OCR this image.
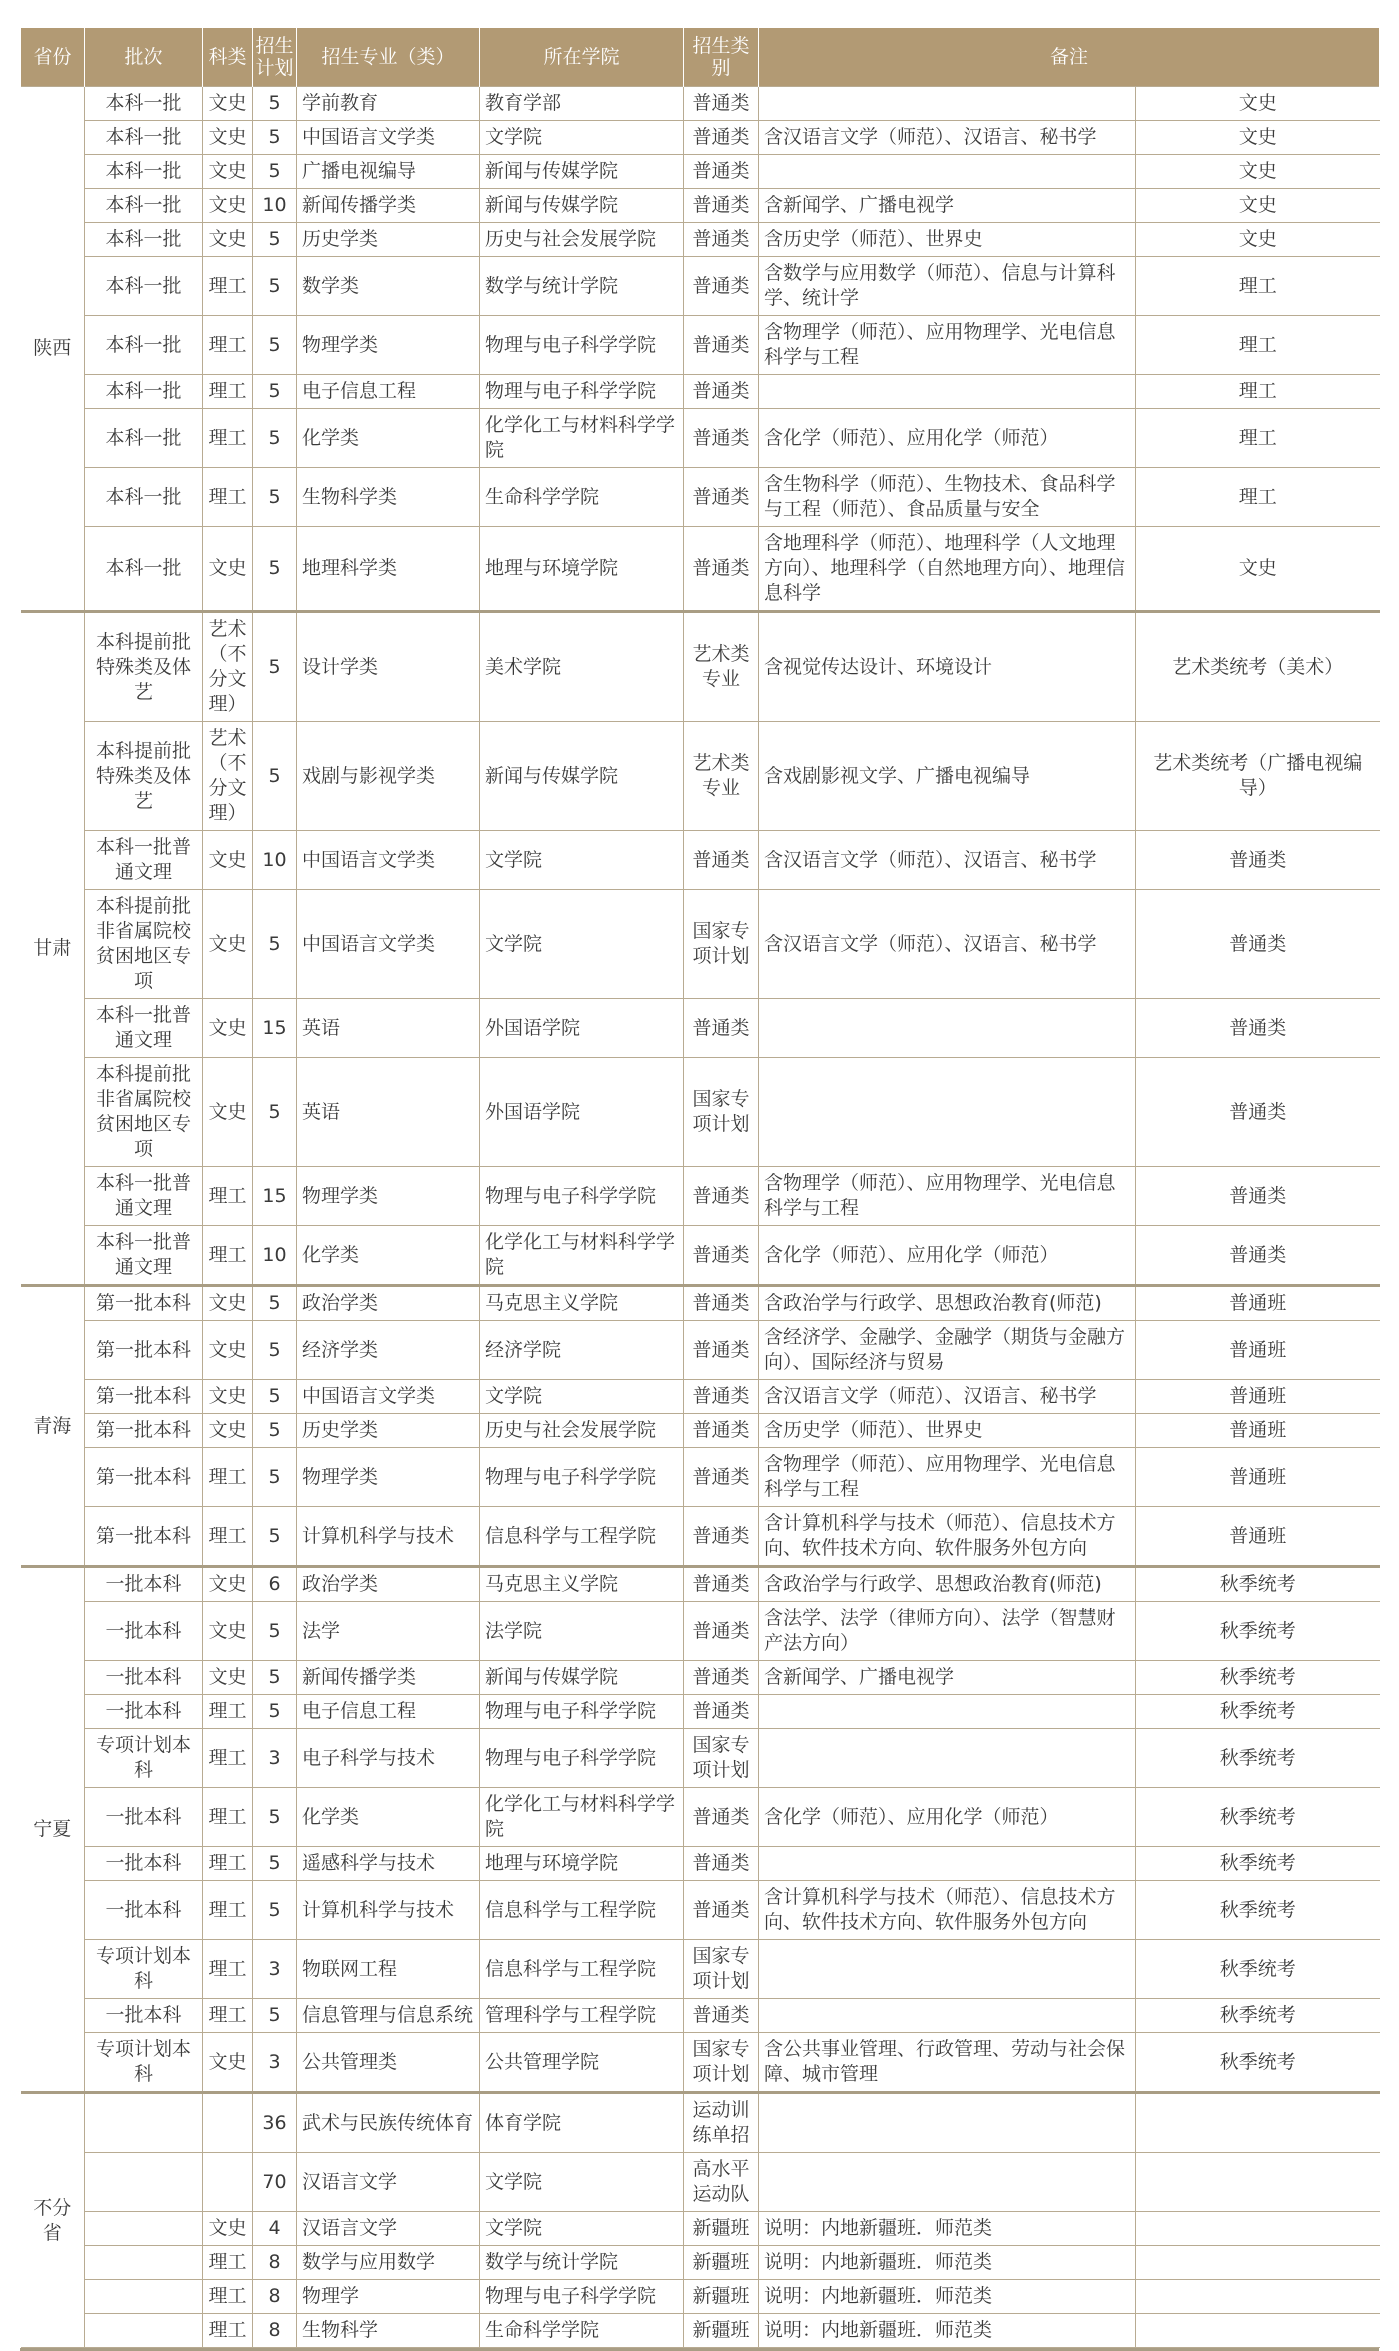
省份	批次	科类	招生计划	招生专业（类）	所在学院	招生类别	备注	
陕西	本科一批	文史	5	学前教育	教育学部	普通类		文史
	本科一批	文史	5	中国语言文学类	文学院	普通类	含汉语言文学（师范）、汉语言、秘书学	文史
	本科一批	文史	5	广播电视编导	新闻与传媒学院	普通类		文史
	本科一批	文史	10	新闻传播学类	新闻与传媒学院	普通类	含新闻学、广播电视学	文史
	本科一批	文史	5	历史学类	历史与社会发展学院	普通类	含历史学（师范）、世界史	文史
	本科一批	理工	5	数学类	数学与统计学院	普通类	含数学与应用数学（师范）、信息与计算科学、统计学	理工
	本科一批	理工	5	物理学类	物理与电子科学学院	普通类	含物理学（师范）、应用物理学、光电信息科学与工程	理工
	本科一批	理工	5	电子信息工程	物理与电子科学学院	普通类		理工
	本科一批	理工	5	化学类	化学化工与材料科学学院	普通类	含化学（师范）、应用化学（师范）	理工
	本科一批	理工	5	生物科学类	生命科学学院	普通类	含生物科学（师范）、生物技术、食品科学与工程（师范）、食品质量与安全	理工
	本科一批	文史	5	地理科学类	地理与环境学院	普通类	含地理科学（师范）、地理科学（人文地理方向）、地理科学（自然地理方向）、地理信息科学	文史
甘肃	本科提前批特殊类及体艺	艺术（不分文理）	5	设计学类	美术学院	艺术类专业	含视觉传达设计、环境设计	艺术类统考（美术）
	本科提前批特殊类及体艺	艺术（不分文理）	5	戏剧与影视学类	新闻与传媒学院	艺术类专业	含戏剧影视文学、广播电视编导	艺术类统考（广播电视编导）
	本科一批普通文理	文史	10	中国语言文学类	文学院	普通类	含汉语言文学（师范）、汉语言、秘书学	普通类
	本科提前批非省属院校贫困地区专项	文史	5	中国语言文学类	文学院	国家专项计划	含汉语言文学（师范）、汉语言、秘书学	普通类
	本科一批普通文理	文史	15	英语	外国语学院	普通类		普通类
	本科提前批非省属院校贫困地区专项	文史	5	英语	外国语学院	国家专项计划		普通类
	本科一批普通文理	理工	15	物理学类	物理与电子科学学院	普通类	含物理学（师范）、应用物理学、光电信息科学与工程	普通类
	本科一批普通文理	理工	10	化学类	化学化工与材料科学学院	普通类	含化学（师范）、应用化学（师范）	普通类
青海	第一批本科	文史	5	政治学类	马克思主义学院	普通类	含政治学与行政学、思想政治教育(师范)	普通班
	第一批本科	文史	5	经济学类	经济学院	普通类	含经济学、金融学、金融学（期货与金融方向）、国际经济与贸易	普通班
	第一批本科	文史	5	中国语言文学类	文学院	普通类	含汉语言文学（师范）、汉语言、秘书学	普通班
	第一批本科	文史	5	历史学类	历史与社会发展学院	普通类	含历史学（师范）、世界史	普通班
	第一批本科	理工	5	物理学类	物理与电子科学学院	普通类	含物理学（师范）、应用物理学、光电信息科学与工程	普通班
	第一批本科	理工	5	计算机科学与技术	信息科学与工程学院	普通类	含计算机科学与技术（师范）、信息技术方向、软件技术方向、软件服务外包方向	普通班
宁夏	一批本科	文史	6	政治学类	马克思主义学院	普通类	含政治学与行政学、思想政治教育(师范)	秋季统考
	一批本科	文史	5	法学	法学院	普通类	含法学、法学（律师方向）、法学（智慧财产法方向）	秋季统考
	一批本科	文史	5	新闻传播学类	新闻与传媒学院	普通类	含新闻学、广播电视学	秋季统考
	一批本科	理工	5	电子信息工程	物理与电子科学学院	普通类		秋季统考
	专项计划本科	理工	3	电子科学与技术	物理与电子科学学院	国家专项计划		秋季统考
	一批本科	理工	5	化学类	化学化工与材料科学学院	普通类	含化学（师范）、应用化学（师范）	秋季统考
	一批本科	理工	5	遥感科学与技术	地理与环境学院	普通类		秋季统考
	一批本科	理工	5	计算机科学与技术	信息科学与工程学院	普通类	含计算机科学与技术（师范）、信息技术方向、软件技术方向、软件服务外包方向	秋季统考
	专项计划本科	理工	3	物联网工程	信息科学与工程学院	国家专项计划		秋季统考
	一批本科	理工	5	信息管理与信息系统	管理科学与工程学院	普通类		秋季统考
	专项计划本科	文史	3	公共管理类	公共管理学院	国家专项计划	含公共事业管理、行政管理、劳动与社会保障、城市管理	秋季统考
不分省			36	武术与民族传统体育	体育学院	运动训练单招		
			70	汉语言文学	文学院	高水平运动队		
		文史	4	汉语言文学	文学院	新疆班	说明：内地新疆班．师范类	
		理工	8	数学与应用数学	数学与统计学院	新疆班	说明：内地新疆班．师范类	
		理工	8	物理学	物理与电子科学学院	新疆班	说明：内地新疆班．师范类	
		理工	8	生物科学	生命科学学院	新疆班	说明：内地新疆班．师范类	
